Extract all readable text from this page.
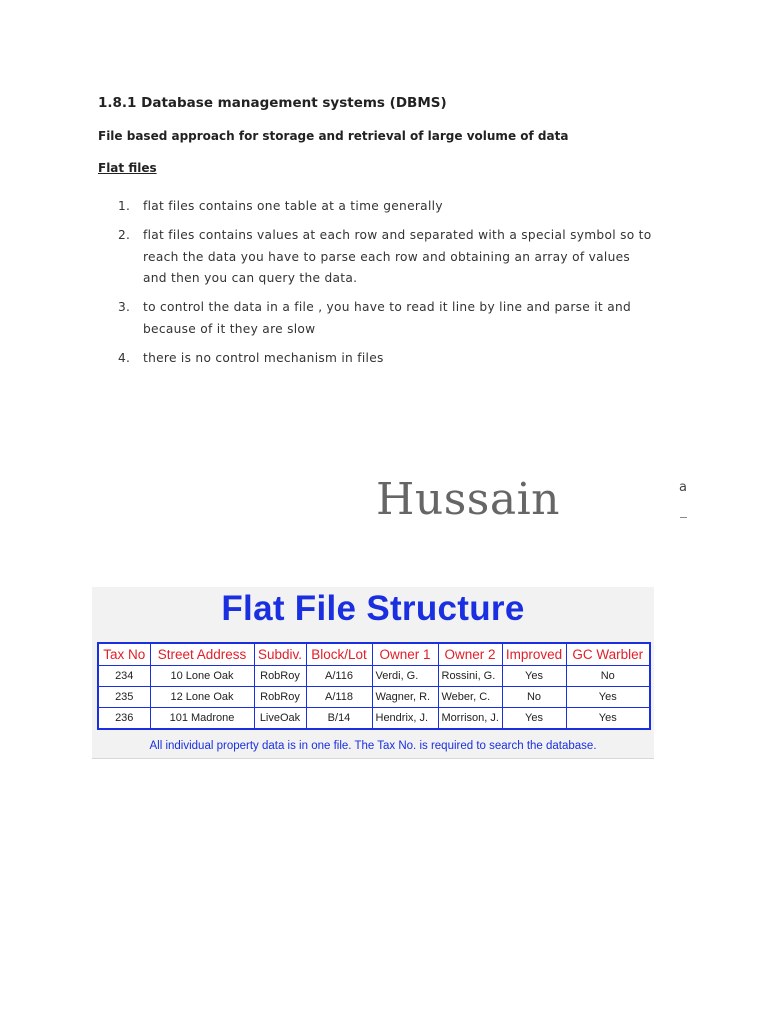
1.8.1 Database management systems (DBMS)
File based approach for storage and retrieval of large volume of data
Flat files
1.	flat files contains one table at a time generally
2.	flat files contains values at each row and separated with a special symbol so to reach the data you have to parse each row and obtaining an array of values and then you can query the data.
3.	to control the data in a file , you have to read it line by line and parse it and because of it they are slow
4.	there is no control mechanism in files
Hussain	a
Flat File Structure
Tax No	Street Address	Subdiv.	Block/Lot	Owner 1	Owner 2	Improved	GC Warbler
234	10 Lone Oak	RobRoy	A/116	Verdi, G.	Rossini, G.	Yes	No
235	12 Lone Oak	RobRoy	A/118	Wagner, R.	Weber, C.	No	Yes
236	101 Madrone	LiveOak	B/14	Hendrix, J.	Morrison, J.	Yes	Yes
All individual property data is in one file. The Tax No. is required to search the database.
